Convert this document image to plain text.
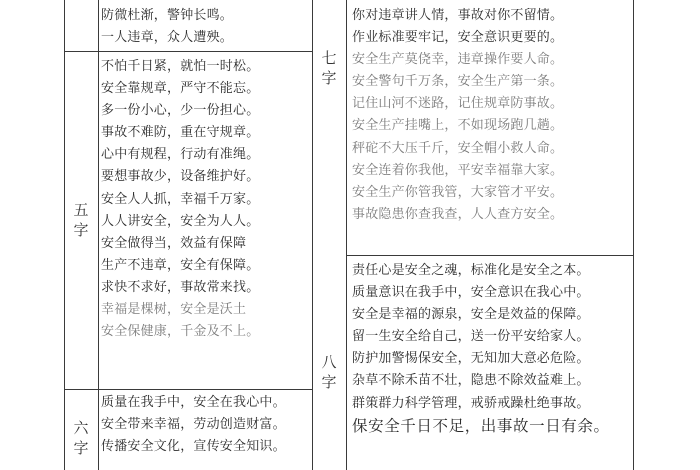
防微杜渐，警钟长鸣。
一人违章，众人遭殃。
五
字
不怕千日紧，就怕一时松。
安全靠规章，严守不能忘。
多一份小心，少一份担心。
事故不难防，重在守规章。
心中有规程，行动有准绳。
要想事故少，设备维护好。
安全人人抓，幸福千万家。
人人讲安全，安全为人人。
安全做得当，效益有保障
生产不违章，安全有保障。
求快不求好，事故常来找。
幸福是棵树，安全是沃土
安全保健康，千金及不上。
六
字
质量在我手中，安全在我心中。
安全带来幸福，劳动创造财富。
传播安全文化，宣传安全知识。
七
字
你对违章讲人情，事故对你不留情。
作业标准要牢记，安全意识更要的。
安全生产莫侥幸，违章操作要人命。
安全警句千万条，安全生产第一条。
记住山河不迷路，记住规章防事故。
安全生产挂嘴上，不如现场跑几趟。
秤砣不大压千斤，安全帽小救人命。
安全连着你我他，平安幸福靠大家。
安全生产你管我管，大家管才平安。
事故隐患你查我查，人人查方安全。
八
字
责任心是安全之魂，标准化是安全之本。
质量意识在我手中，安全意识在我心中。
安全是幸福的源泉，安全是效益的保障。
留一生安全给自己，送一份平安给家人。
防护加警惕保安全，无知加大意必危险。
杂草不除禾苗不壮，隐患不除效益难上。
群策群力科学管理，戒骄戒躁杜绝事故。
保安全千日不足，出事故一日有余。
